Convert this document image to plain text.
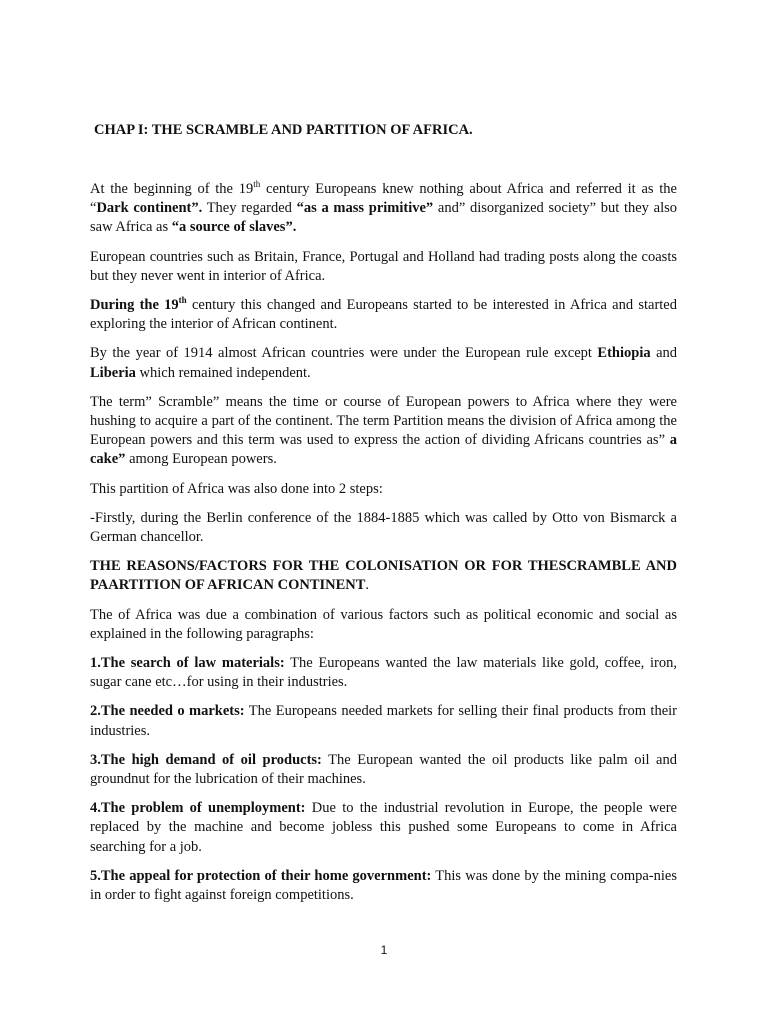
CHAP I: THE SCRAMBLE AND PARTITION OF AFRICA.

At the beginning of the 19th century Europeans knew nothing about Africa and referred it as the “Dark continent”. They regarded “as a mass primitive” and” disorganized society” but they also saw Africa as “a source of slaves”.

European countries such as Britain, France, Portugal and Holland had trading posts along the coasts but they never went in interior of Africa.

During the 19th century this changed and Europeans started to be interested in Africa and started exploring the interior of African continent.

By the year of 1914 almost African countries were under the European rule except Ethiopia and Liberia which remained independent.

The term” Scramble” means the time or course of European powers to Africa where they were hushing to acquire a part of the continent. The term Partition means the division of Africa among the European powers and this term was used to express the action of dividing Africans countries as” a cake” among European powers.

This partition of Africa was also done into 2 steps:

-Firstly, during the Berlin conference of the 1884-1885 which was called by Otto von Bismarck a German chancellor.

THE REASONS/FACTORS FOR THE COLONISATION OR FOR THESCRAMBLE AND PAARTITION OF AFRICAN CONTINENT.

The of Africa was due a combination of various factors such as political economic and social as explained in the following paragraphs:

1.The search of law materials: The Europeans wanted the law materials like gold, coffee, iron, sugar cane etc…for using in their industries.

2.The needed o markets: The Europeans needed markets for selling their final products from their industries.

3.The high demand of oil products: The European wanted the oil products like palm oil and groundnut for the lubrication of their machines.

4.The problem of unemployment: Due to the industrial revolution in Europe, the people were replaced by the machine and become jobless this pushed some Europeans to come in Africa searching for a job.

5.The appeal for protection of their home government: This was done by the mining compa-nies in order to fight against foreign competitions.

1
